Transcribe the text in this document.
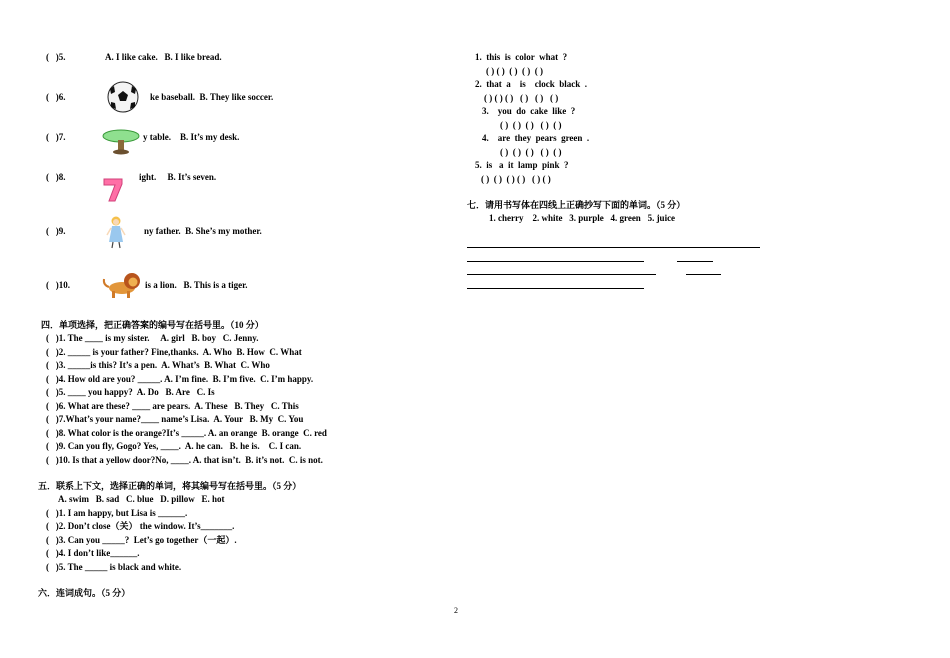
(   )5.	A. I like cake.   B. I like bread.
(   )6.	ke baseball.  B. They like soccer.
(   )7.	y table.    B. It’s my desk.
(   )8.	ight.     B. It’s seven.
(   )9.	ny father.  B. She’s my mother.
(   )10.	is a lion.   B. This is a tiger.
四．单项选择，把正确答案的编号写在括号里。（10 分）
(   )1. The ____ is my sister.     A. girl   B. boy   C. Jenny.
(   )2. _____ is your father? Fine,thanks.  A. Who  B. How  C. What
(   )3. _____is this? It’s a pen.  A. What’s  B. What  C. Who
(   )4. How old are you? _____. A. I’m fine.  B. I’m five.  C. I’m happy.
(   )5. ____ you happy?  A. Do   B. Are   C. Is
(   )6. What are these? ____ are pears.  A. These   B. They   C. This
(   )7.What’s your name?____ name’s Lisa.  A. Your   B. My  C. You
(   )8. What color is the orange?It’s _____. A. an orange  B. orange  C. red
(   )9. Can you fly, Gogo? Yes, ____.  A. he can.   B. he is.    C. I can.
(   )10. Is that a yellow door?No, ____. A. that isn’t.  B. it’s not.  C. is not.
五．联系上下文，选择正确的单词，将其编号写在括号里。（5 分）
A. swim   B. sad   C. blue   D. pillow   E. hot
(   )1. I am happy, but Lisa is ______.
(   )2. Don’t close（关） the window. It’s_______.
(   )3. Can you _____?  Let’s go together（一起）.
(   )4. I don’t like______.
(   )5. The _____ is black and white.
六．连词成句。（5 分）
1.  this  is  color  what  ?
( ) ( )  ( )  ( )  ( )
2.  that  a    is    clock  black  .
( ) ( ) ( )   ( )   ( )   ( )
3.    you  do  cake  like  ?
( )  ( )  ( )   ( )  ( )
4.    are  they  pears  green  .
( )  ( )  ( )   ( )  ( )
5.  is   a  it  lamp  pink  ?
( )  ( )  ( ) ( )   ( ) ( )
七．请用书写体在四线上正确抄写下面的单词。（5 分）
1. cherry    2. white   3. purple   4. green   5. juice
2
